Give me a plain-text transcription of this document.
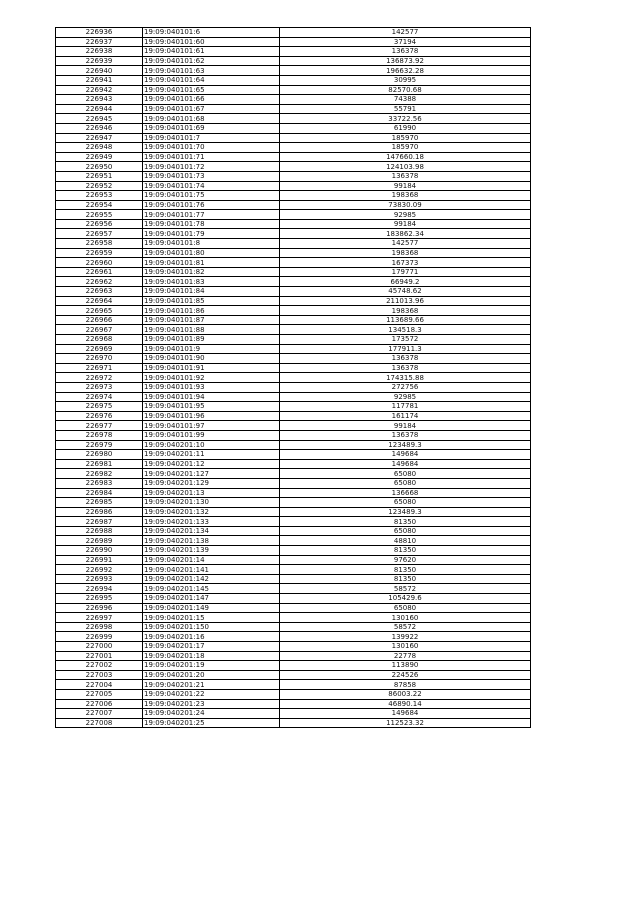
226936	19:09:040101:6	142577
226937	19:09:040101:60	37194
226938	19:09:040101:61	136378
226939	19:09:040101:62	136873.92
226940	19:09:040101:63	196632.28
226941	19:09:040101:64	30995
226942	19:09:040101:65	82570.68
226943	19:09:040101:66	74388
226944	19:09:040101:67	55791
226945	19:09:040101:68	33722.56
226946	19:09:040101:69	61990
226947	19:09:040101:7	185970
226948	19:09:040101:70	185970
226949	19:09:040101:71	147660.18
226950	19:09:040101:72	124103.98
226951	19:09:040101:73	136378
226952	19:09:040101:74	99184
226953	19:09:040101:75	198368
226954	19:09:040101:76	73830.09
226955	19:09:040101:77	92985
226956	19:09:040101:78	99184
226957	19:09:040101:79	183862.34
226958	19:09:040101:8	142577
226959	19:09:040101:80	198368
226960	19:09:040101:81	167373
226961	19:09:040101:82	179771
226962	19:09:040101:83	66949.2
226963	19:09:040101:84	45748.62
226964	19:09:040101:85	211013.96
226965	19:09:040101:86	198368
226966	19:09:040101:87	113689.66
226967	19:09:040101:88	134518.3
226968	19:09:040101:89	173572
226969	19:09:040101:9	177911.3
226970	19:09:040101:90	136378
226971	19:09:040101:91	136378
226972	19:09:040101:92	174315.88
226973	19:09:040101:93	272756
226974	19:09:040101:94	92985
226975	19:09:040101:95	117781
226976	19:09:040101:96	161174
226977	19:09:040101:97	99184
226978	19:09:040101:99	136378
226979	19:09:040201:10	123489.3
226980	19:09:040201:11	149684
226981	19:09:040201:12	149684
226982	19:09:040201:127	65080
226983	19:09:040201:129	65080
226984	19:09:040201:13	136668
226985	19:09:040201:130	65080
226986	19:09:040201:132	123489.3
226987	19:09:040201:133	81350
226988	19:09:040201:134	65080
226989	19:09:040201:138	48810
226990	19:09:040201:139	81350
226991	19:09:040201:14	97620
226992	19:09:040201:141	81350
226993	19:09:040201:142	81350
226994	19:09:040201:145	58572
226995	19:09:040201:147	105429.6
226996	19:09:040201:149	65080
226997	19:09:040201:15	130160
226998	19:09:040201:150	58572
226999	19:09:040201:16	139922
227000	19:09:040201:17	130160
227001	19:09:040201:18	22778
227002	19:09:040201:19	113890
227003	19:09:040201:20	224526
227004	19:09:040201:21	87858
227005	19:09:040201:22	86003.22
227006	19:09:040201:23	46890.14
227007	19:09:040201:24	149684
227008	19:09:040201:25	112523.32
